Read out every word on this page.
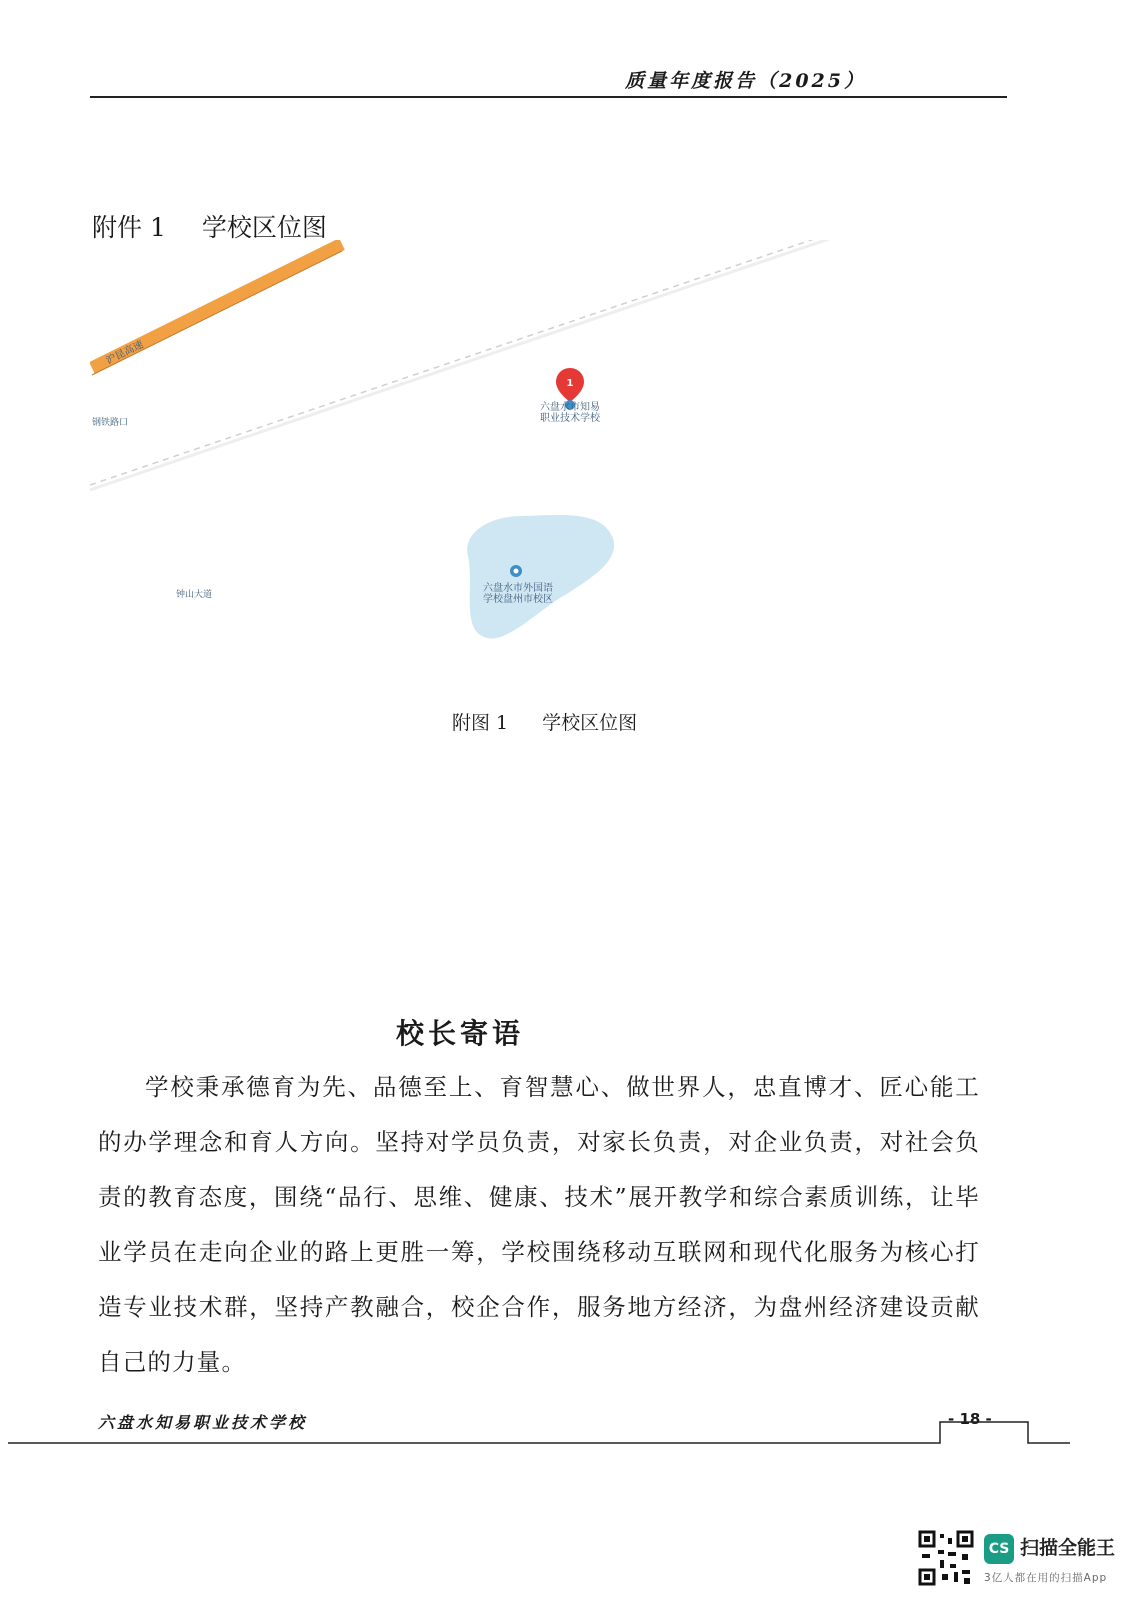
质量年度报告（2025）
附件 1 学校区位图
沪昆高速
钢铁路口
钟山大道
1
六盘水市知易
职业技术学校
六盘水市外国语
学校盘州市校区
附图 1 学校区位图
校长寄语
学校秉承德育为先、品德至上、育智慧心、做世界人，忠直博才、匠心能工的办学理念和育人方向。坚持对学员负责，对家长负责，对企业负责，对社会负责的教育态度，围绕“品行、思维、健康、技术”展开教学和综合素质训练，让毕业学员在走向企业的路上更胜一筹，学校围绕移动互联网和现代化服务为核心打造专业技术群，坚持产教融合，校企合作，服务地方经济，为盘州经济建设贡献自己的力量。
六盘水知易职业技术学校	- 18 -
CS 扫描全能王
3亿人都在用的扫描App
